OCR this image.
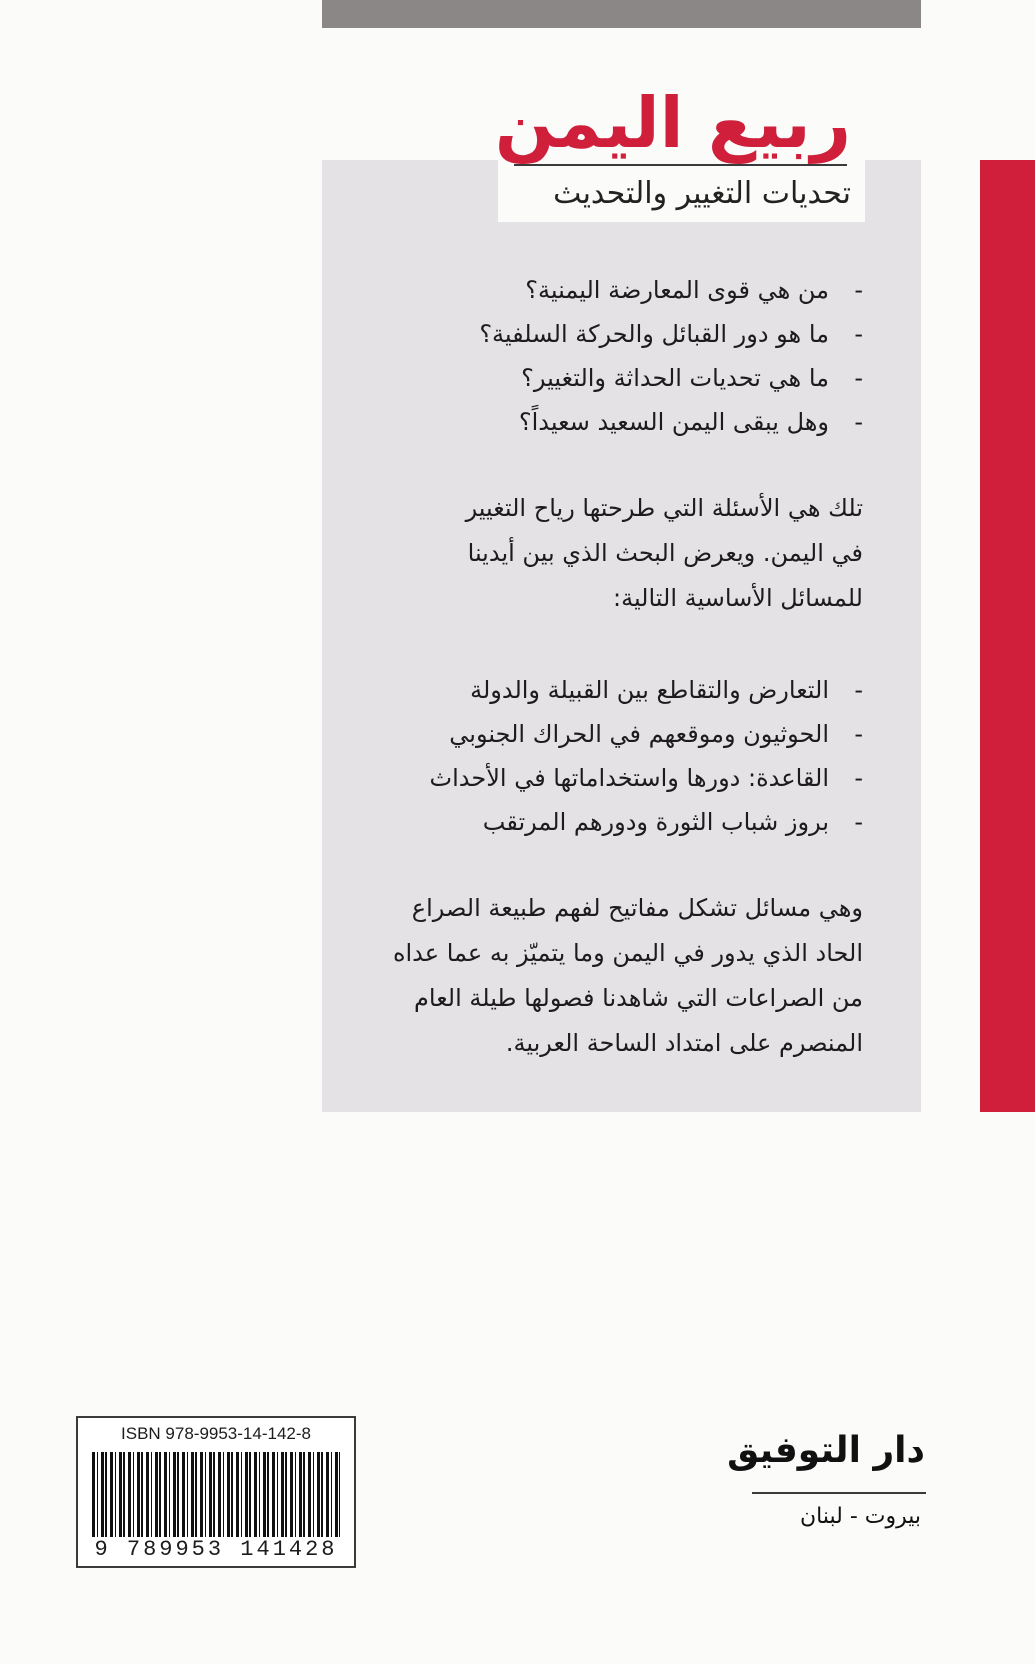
ربيع اليمن

تحديات التغيير والتحديث

- من هي قوى المعارضة اليمنية؟
- ما هو دور القبائل والحركة السلفية؟
- ما هي تحديات الحداثة والتغيير؟
- وهل يبقى اليمن السعيد سعيداً؟

تلك هي الأسئلة التي طرحتها رياح التغيير
في اليمن. ويعرض البحث الذي بين أيدينا
للمسائل الأساسية التالية:

- التعارض والتقاطع بين القبيلة والدولة
- الحوثيون وموقعهم في الحراك الجنوبي
- القاعدة: دورها واستخداماتها في الأحداث
- بروز شباب الثورة ودورهم المرتقب

وهي مسائل تشكل مفاتيح لفهم طبيعة الصراع
الحاد الذي يدور في اليمن وما يتميّز به عما عداه
من الصراعات التي شاهدنا فصولها طيلة العام
المنصرم على امتداد الساحة العربية.

ISBN 978-9953-14-142-8
9 789953 141428

دار التوفيق

بيروت - لبنان
